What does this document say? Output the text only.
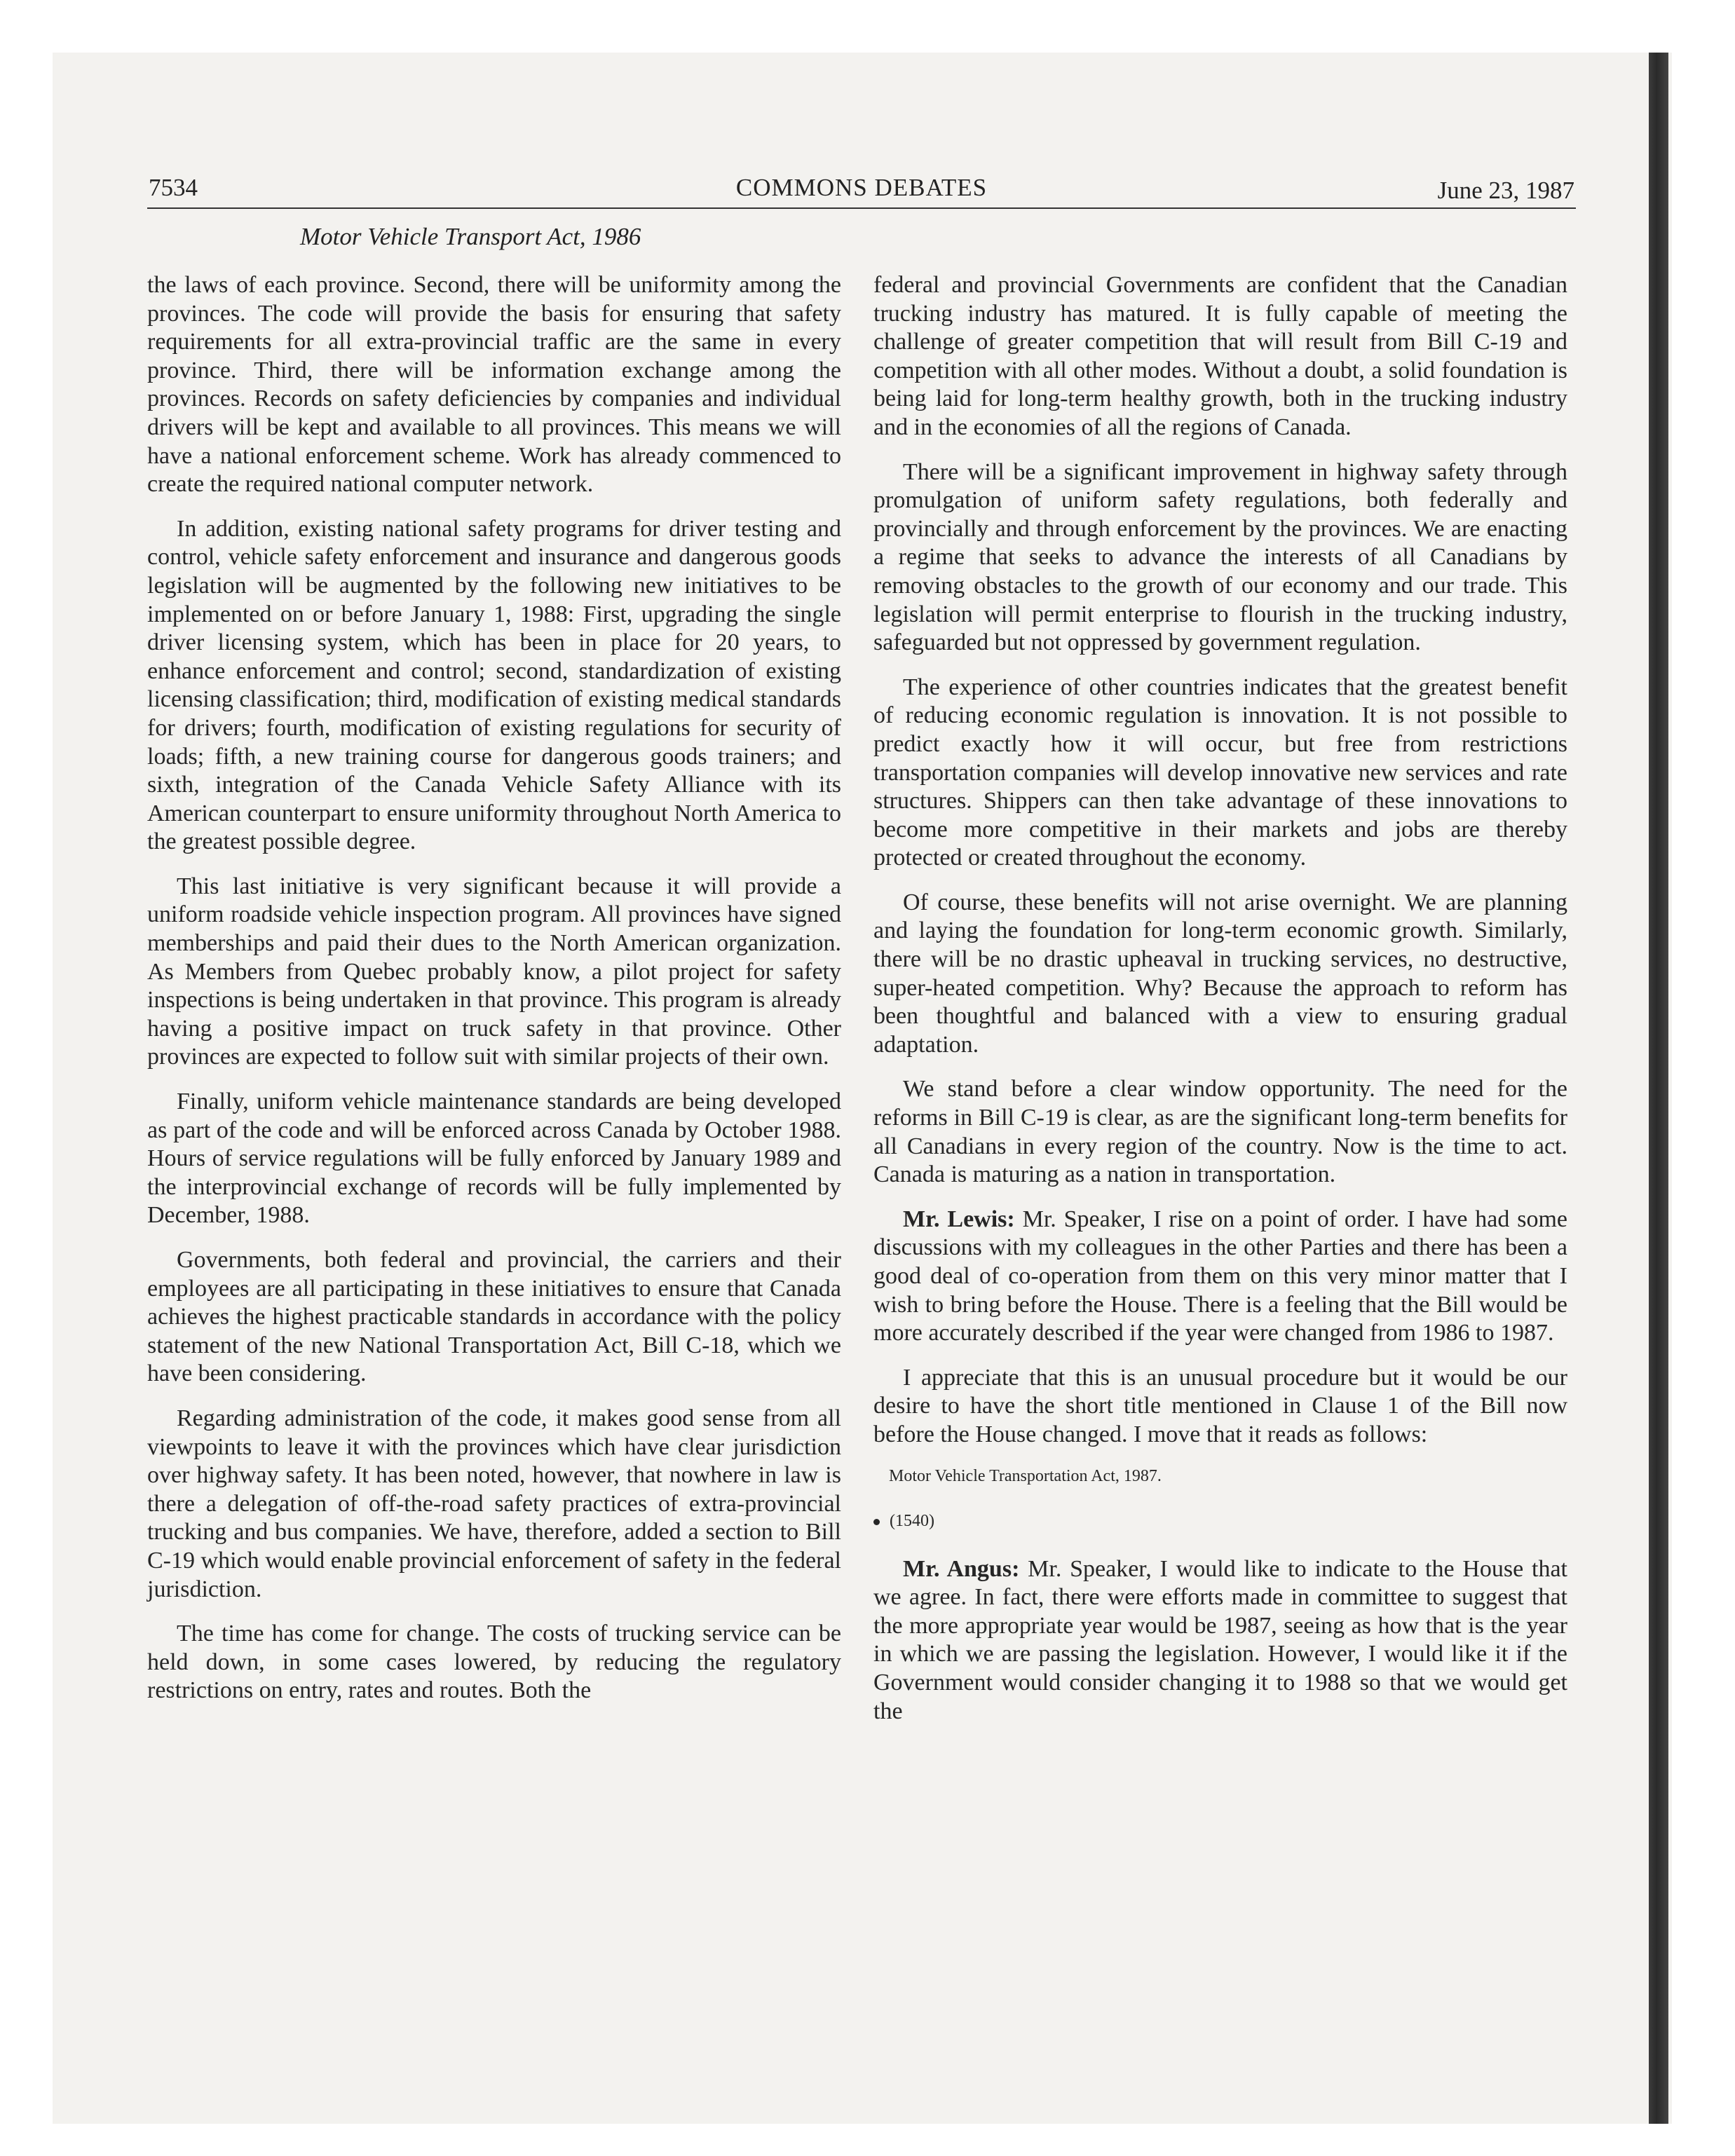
7534	COMMONS DEBATES	June 23, 1987
Motor Vehicle Transport Act, 1986

the laws of each province. Second, there will be uniformity among the provinces. The code will provide the basis for ensuring that safety requirements for all extra-provincial traffic are the same in every province. Third, there will be information exchange among the provinces. Records on safety deficiencies by companies and individual drivers will be kept and available to all provinces. This means we will have a national enforcement scheme. Work has already commenced to create the required national computer network.

In addition, existing national safety programs for driver testing and control, vehicle safety enforcement and insurance and dangerous goods legislation will be augmented by the following new initiatives to be implemented on or before January 1, 1988: First, upgrading the single driver licensing system, which has been in place for 20 years, to enhance enforcement and control; second, standardization of existing licensing classification; third, modification of existing medical standards for drivers; fourth, modification of existing regulations for security of loads; fifth, a new training course for dangerous goods trainers; and sixth, integration of the Canada Vehicle Safety Alliance with its American counterpart to ensure uniformity throughout North America to the greatest possible degree.

This last initiative is very significant because it will provide a uniform roadside vehicle inspection program. All provinces have signed memberships and paid their dues to the North American organization. As Members from Quebec probably know, a pilot project for safety inspections is being undertaken in that province. This program is already having a positive impact on truck safety in that province. Other provinces are expected to follow suit with similar projects of their own.

Finally, uniform vehicle maintenance standards are being developed as part of the code and will be enforced across Canada by October 1988. Hours of service regulations will be fully enforced by January 1989 and the interprovincial exchange of records will be fully implemented by December, 1988.

Governments, both federal and provincial, the carriers and their employees are all participating in these initiatives to ensure that Canada achieves the highest practicable standards in accordance with the policy statement of the new National Transportation Act, Bill C-18, which we have been considering.

Regarding administration of the code, it makes good sense from all viewpoints to leave it with the provinces which have clear jurisdiction over highway safety. It has been noted, however, that nowhere in law is there a delegation of off-the-road safety practices of extra-provincial trucking and bus companies. We have, therefore, added a section to Bill C-19 which would enable provincial enforcement of safety in the federal jurisdiction.

The time has come for change. The costs of trucking service can be held down, in some cases lowered, by reducing the regulatory restrictions on entry, rates and routes. Both the

federal and provincial Governments are confident that the Canadian trucking industry has matured. It is fully capable of meeting the challenge of greater competition that will result from Bill C-19 and competition with all other modes. Without a doubt, a solid foundation is being laid for long-term healthy growth, both in the trucking industry and in the economies of all the regions of Canada.

There will be a significant improvement in highway safety through promulgation of uniform safety regulations, both federally and provincially and through enforcement by the provinces. We are enacting a regime that seeks to advance the interests of all Canadians by removing obstacles to the growth of our economy and our trade. This legislation will permit enterprise to flourish in the trucking industry, safeguarded but not oppressed by government regulation.

The experience of other countries indicates that the greatest benefit of reducing economic regulation is innovation. It is not possible to predict exactly how it will occur, but free from restrictions transportation companies will develop innovative new services and rate structures. Shippers can then take advantage of these innovations to become more competitive in their markets and jobs are thereby protected or created throughout the economy.

Of course, these benefits will not arise overnight. We are planning and laying the foundation for long-term economic growth. Similarly, there will be no drastic upheaval in trucking services, no destructive, super-heated competition. Why? Because the approach to reform has been thoughtful and balanced with a view to ensuring gradual adaptation.

We stand before a clear window opportunity. The need for the reforms in Bill C-19 is clear, as are the significant long-term benefits for all Canadians in every region of the country. Now is the time to act. Canada is maturing as a nation in transportation.

Mr. Lewis: Mr. Speaker, I rise on a point of order. I have had some discussions with my colleagues in the other Parties and there has been a good deal of co-operation from them on this very minor matter that I wish to bring before the House. There is a feeling that the Bill would be more accurately described if the year were changed from 1986 to 1987.

I appreciate that this is an unusual procedure but it would be our desire to have the short title mentioned in Clause 1 of the Bill now before the House changed. I move that it reads as follows:

Motor Vehicle Transportation Act, 1987.
(1540)

Mr. Angus: Mr. Speaker, I would like to indicate to the House that we agree. In fact, there were efforts made in committee to suggest that the more appropriate year would be 1987, seeing as how that is the year in which we are passing the legislation. However, I would like it if the Government would consider changing it to 1988 so that we would get the
